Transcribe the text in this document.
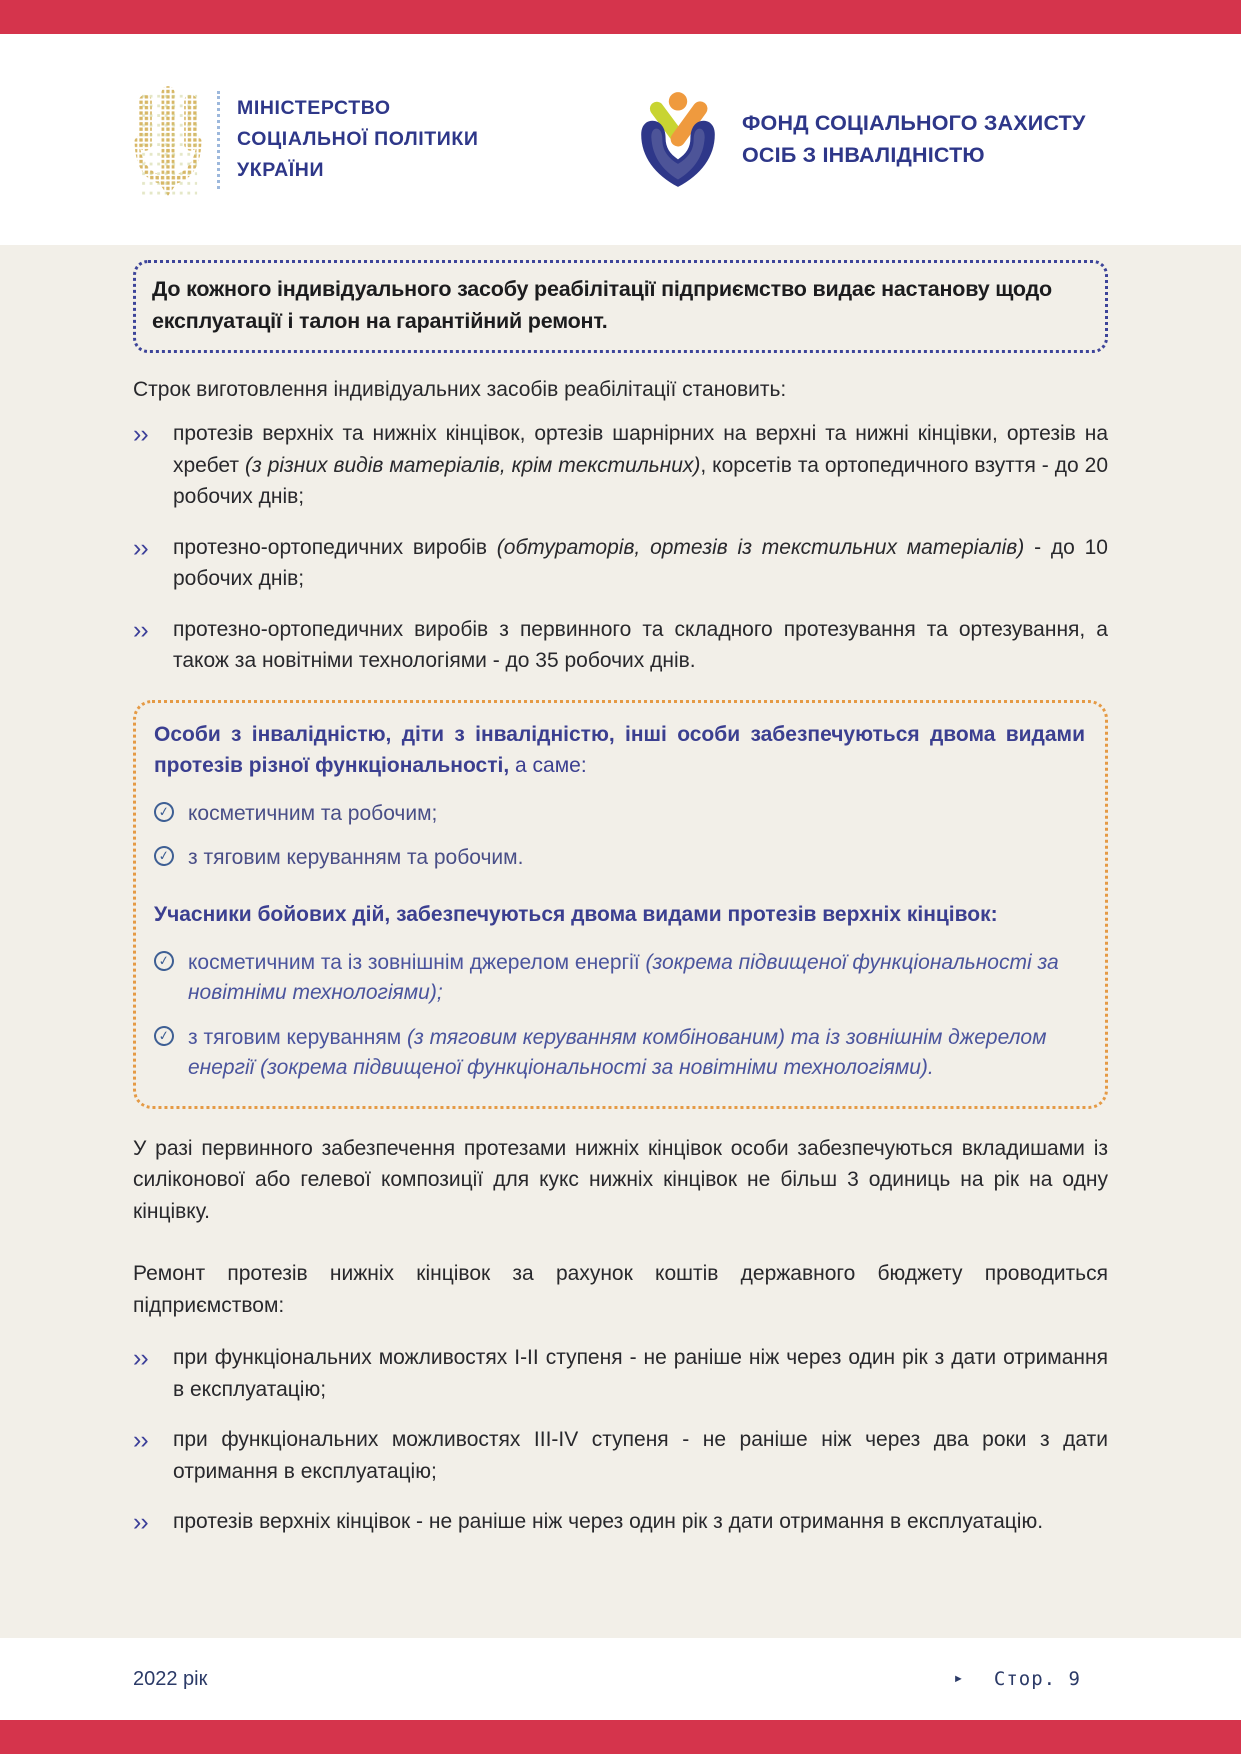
МІНІСТЕРСТВО
СОЦІАЛЬНОЇ ПОЛІТИКИ
УКРАЇНИ
ФОНД СОЦІАЛЬНОГО ЗАХИСТУ
ОСІБ З ІНВАЛІДНІСТЮ
До кожного індивідуального засобу реабілітації підприємство видає настанову щодо експлуатації і талон на гарантійний ремонт.
Строк виготовлення індивідуальних засобів реабілітації становить:
›› протезів верхніх та нижніх кінцівок, ортезів шарнірних на верхні та нижні кінцівки, ортезів на хребет (з різних видів матеріалів, крім текстильних), корсетів та ортопедичного взуття - до 20 робочих днів;
›› протезно-ортопедичних виробів (обтураторів, ортезів із текстильних матеріалів) - до 10 робочих днів;
›› протезно-ортопедичних виробів з первинного та складного протезування та ортезування, а також за новітніми технологіями - до 35 робочих днів.
Особи з інвалідністю, діти з інвалідністю, інші особи забезпечуються двома видами протезів різної функціональності, а саме:
✓ косметичним та робочим;
✓ з тяговим керуванням та робочим.
Учасники бойових дій, забезпечуються двома видами протезів верхніх кінцівок:
✓ косметичним та із зовнішнім джерелом енергії (зокрема підвищеної функціональності за новітніми технологіями);
✓ з тяговим керуванням (з тяговим керуванням комбінованим) та із зовнішнім джерелом енергії (зокрема підвищеної функціональності за новітніми технологіями).
У разі первинного забезпечення протезами нижніх кінцівок особи забезпечуються вкладишами із силіконової або гелевої композиції для кукс нижніх кінцівок не більш 3 одиниць на рік на одну кінцівку.
Ремонт протезів нижніх кінцівок за рахунок коштів державного бюджету проводиться підприємством:
›› при функціональних можливостях І-ІІ ступеня - не раніше ніж через один рік з дати отримання в експлуатацію;
›› при функціональних можливостях ІІІ-ІV ступеня - не раніше ніж через два роки з дати отримання в експлуатацію;
›› протезів верхніх кінцівок - не раніше ніж через один рік з дати отримання в експлуатацію.
2022 рік	► Стор. 9
